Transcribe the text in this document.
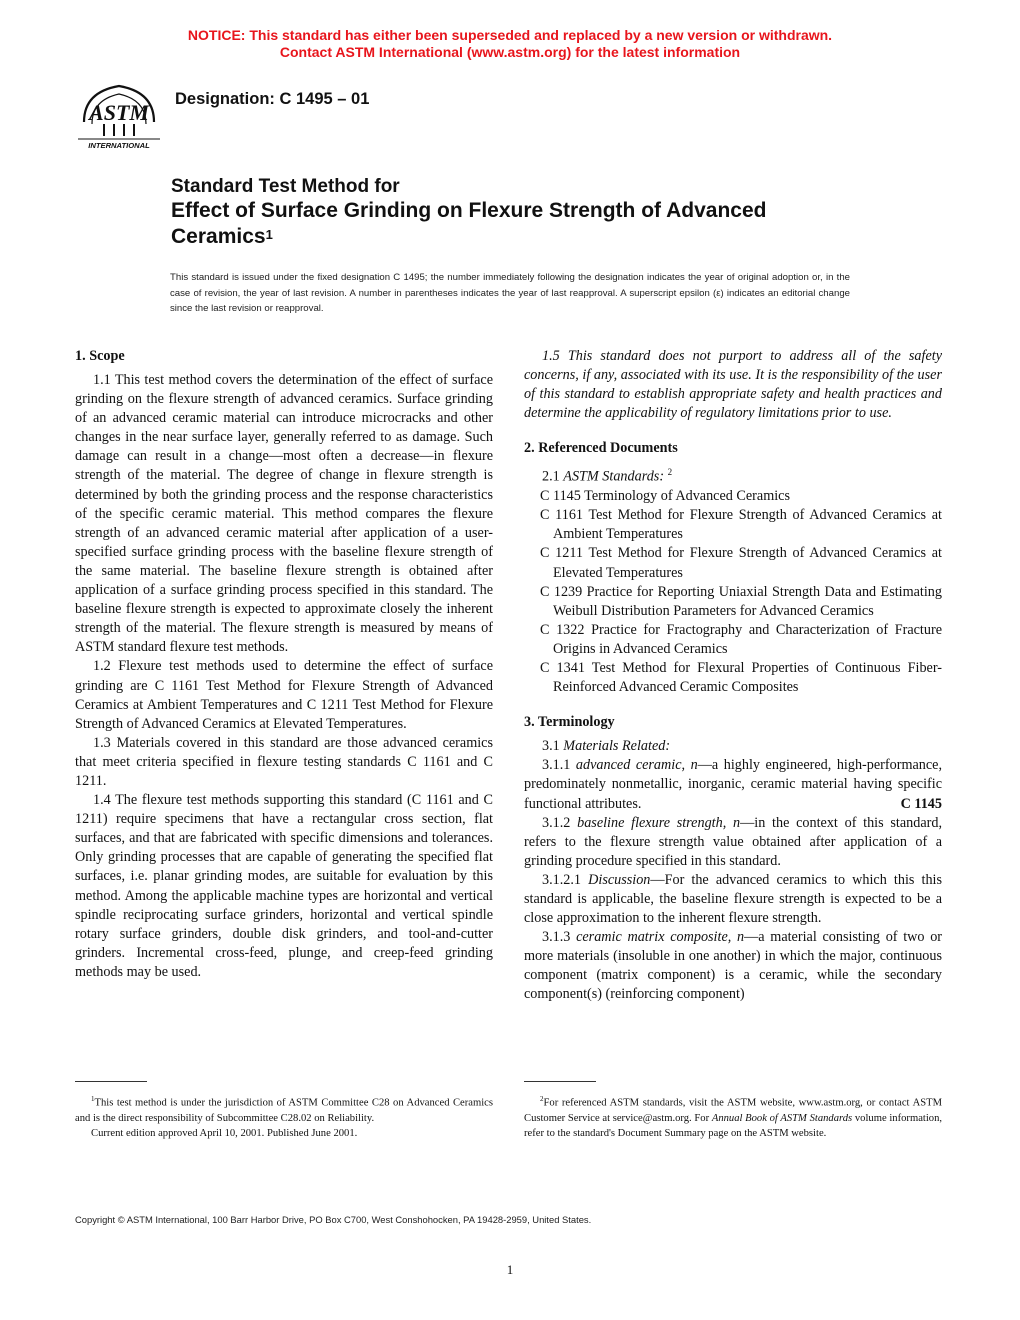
NOTICE: This standard has either been superseded and replaced by a new version or withdrawn.
Contact ASTM International (www.astm.org) for the latest information
ASTM
INTERNATIONAL
Designation: C 1495 – 01
Standard Test Method for
Effect of Surface Grinding on Flexure Strength of Advanced
Ceramics$^1$
This standard is issued under the fixed designation C 1495; the number immediately following the designation indicates the year of original adoption or, in the case of revision, the year of last revision. A number in parentheses indicates the year of last reapproval. A superscript epsilon (ε) indicates an editorial change since the last revision or reapproval.
1. Scope

1.1 This test method covers the determination of the effect of surface grinding on the flexure strength of advanced ceramics. Surface grinding of an advanced ceramic material can introduce microcracks and other changes in the near surface layer, generally referred to as damage. Such damage can result in a change—most often a decrease—in flexure strength of the material. The degree of change in flexure strength is determined by both the grinding process and the response characteristics of the specific ceramic material. This method compares the flexure strength of an advanced ceramic material after application of a user-specified surface grinding process with the baseline flexure strength of the same material. The baseline flexure strength is obtained after application of a surface grinding process specified in this standard. The baseline flexure strength is expected to approximate closely the inherent strength of the material. The flexure strength is measured by means of ASTM standard flexure test methods.

1.2 Flexure test methods used to determine the effect of surface grinding are C 1161 Test Method for Flexure Strength of Advanced Ceramics at Ambient Temperatures and C 1211 Test Method for Flexure Strength of Advanced Ceramics at Elevated Temperatures.

1.3 Materials covered in this standard are those advanced ceramics that meet criteria specified in flexure testing standards C 1161 and C 1211.

1.4 The flexure test methods supporting this standard (C 1161 and C 1211) require specimens that have a rectangular cross section, flat surfaces, and that are fabricated with specific dimensions and tolerances. Only grinding processes that are capable of generating the specified flat surfaces, i.e. planar grinding modes, are suitable for evaluation by this method. Among the applicable machine types are horizontal and vertical spindle reciprocating surface grinders, horizontal and vertical spindle rotary surface grinders, double disk grinders, and tool-and-cutter grinders. Incremental cross-feed, plunge, and creep-feed grinding methods may be used.

1.5 This standard does not purport to address all of the safety concerns, if any, associated with its use. It is the responsibility of the user of this standard to establish appropriate safety and health practices and determine the applicability of regulatory limitations prior to use.

2. Referenced Documents

2.1 ASTM Standards: $^2$

C 1145 Terminology of Advanced Ceramics

C 1161 Test Method for Flexure Strength of Advanced Ceramics at Ambient Temperatures

C 1211 Test Method for Flexure Strength of Advanced Ceramics at Elevated Temperatures

C 1239 Practice for Reporting Uniaxial Strength Data and Estimating Weibull Distribution Parameters for Advanced Ceramics

C 1322 Practice for Fractography and Characterization of Fracture Origins in Advanced Ceramics

C 1341 Test Method for Flexural Properties of Continuous Fiber-Reinforced Advanced Ceramic Composites

3. Terminology

3.1 Materials Related:

3.1.1 advanced ceramic, n—a highly engineered, high-performance, predominately nonmetallic, inorganic, ceramic material having specific functional attributes.	C 1145

3.1.2 baseline flexure strength, n—in the context of this standard, refers to the flexure strength value obtained after application of a grinding procedure specified in this standard.

3.1.2.1 Discussion—For the advanced ceramics to which this this standard is applicable, the baseline flexure strength is expected to be a close approximation to the inherent flexure strength.

3.1.3 ceramic matrix composite, n—a material consisting of two or more materials (insoluble in one another) in which the major, continuous component (matrix component) is a ceramic, while the secondary component(s) (reinforcing component)

$^1$This test method is under the jurisdiction of ASTM Committee C28 on Advanced Ceramics and is the direct responsibility of Subcommittee C28.02 on Reliability.

Current edition approved April 10, 2001. Published June 2001.

$^2$For referenced ASTM standards, visit the ASTM website, www.astm.org, or contact ASTM Customer Service at service@astm.org. For Annual Book of ASTM Standards volume information, refer to the standard's Document Summary page on the ASTM website.

Copyright © ASTM International, 100 Barr Harbor Drive, PO Box C700, West Conshohocken, PA 19428-2959, United States.
1
